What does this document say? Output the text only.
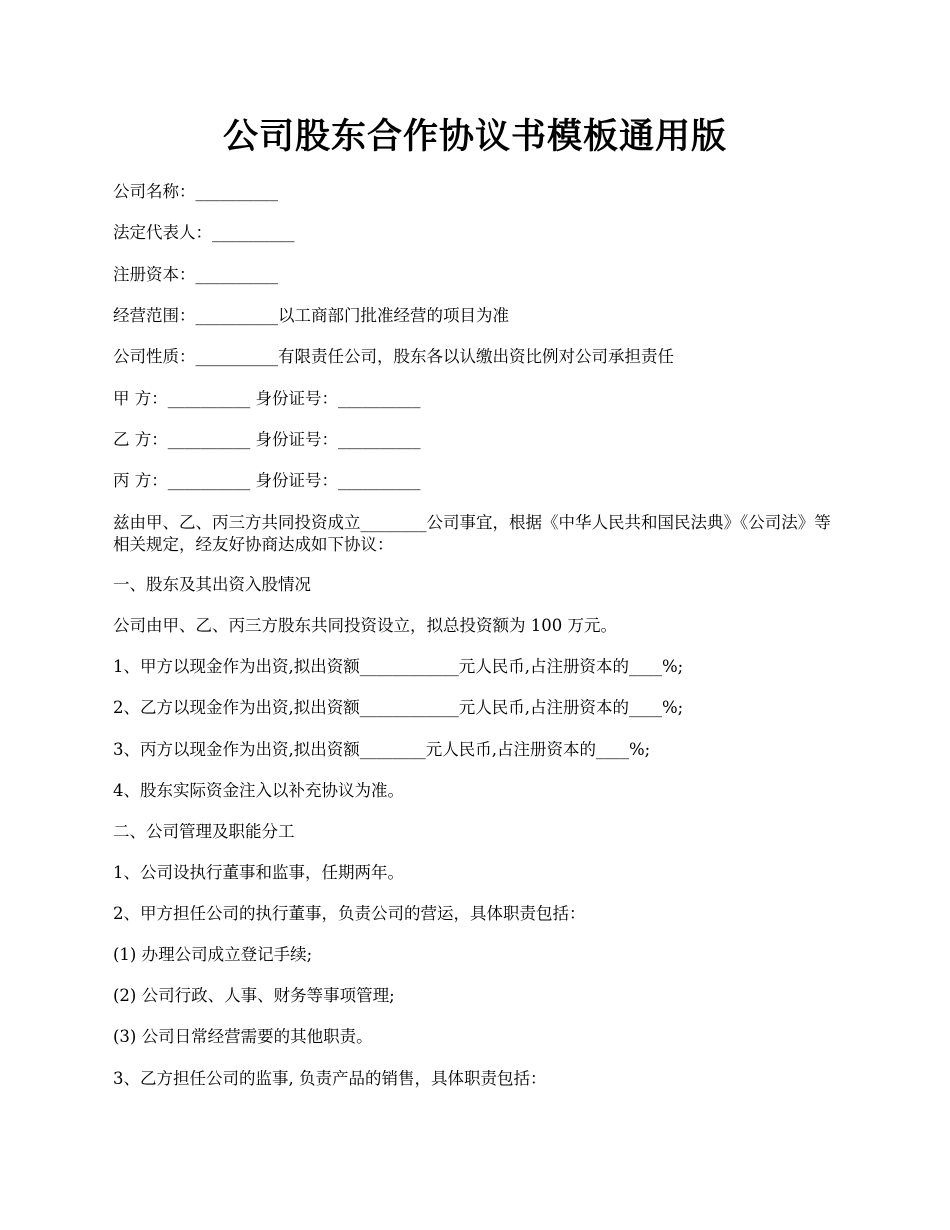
公司股东合作协议书模板通用版
公司名称：__________
法定代表人：__________
注册资本：__________
经营范围：__________以工商部门批准经营的项目为准
公司性质：__________有限责任公司，股东各以认缴出资比例对公司承担责任
甲 方：__________ 身份证号：__________
乙 方：__________ 身份证号：__________
丙 方：__________ 身份证号：__________
兹由甲、乙、丙三方共同投资成立________公司事宜，根据《中华人民共和国民法典》《公司法》等相关规定，经友好协商达成如下协议：
一、股东及其出资入股情况
公司由甲、乙、丙三方股东共同投资设立，拟总投资额为 100 万元。
1、甲方以现金作为出资,拟出资额____________元人民币,占注册资本的____%;
2、乙方以现金作为出资,拟出资额____________元人民币,占注册资本的____%;
3、丙方以现金作为出资,拟出资额________元人民币,占注册资本的____%;
4、股东实际资金注入以补充协议为准。
二、公司管理及职能分工
1、公司设执行董事和监事，任期两年。
2、甲方担任公司的执行董事，负责公司的营运，具体职责包括：
(1) 办理公司成立登记手续;
(2) 公司行政、人事、财务等事项管理;
(3) 公司日常经营需要的其他职责。
3、乙方担任公司的监事, 负责产品的销售，具体职责包括：
